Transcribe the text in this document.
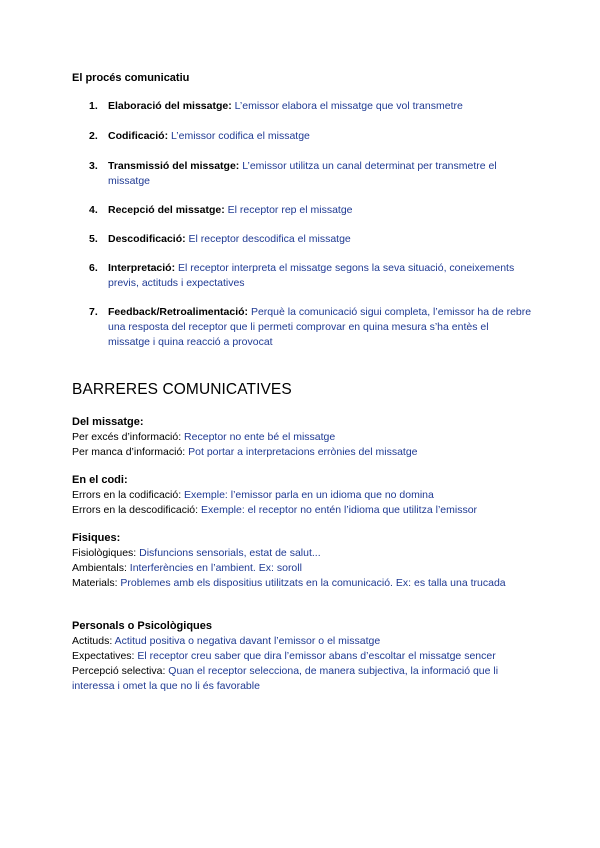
El procés comunicatiu
1. Elaboració del missatge: L’emissor elabora el missatge que vol transmetre
2. Codificació: L’emissor codifica el missatge
3. Transmissió del missatge: L’emissor utilitza un canal determinat per transmetre el missatge
4. Recepció del missatge: El receptor rep el missatge
5. Descodificació: El receptor descodifica el missatge
6. Interpretació: El receptor interpreta el missatge segons la seva situació, coneixements previs, actituds i expectatives
7. Feedback/Retroalimentació: Perquè la comunicació sigui completa, l’emissor ha de rebre una resposta del receptor que li permeti comprovar en quina mesura s’ha entès el missatge i quina reacció a provocat
BARRERES COMUNICATIVES
Del missatge:
Per excés d’informació: Receptor no ente bé el missatge
Per manca d’informació: Pot portar a interpretacions errònies del missatge
En el codi:
Errors en la codificació: Exemple: l’emissor parla en un idioma que no domina
Errors en la descodificació: Exemple: el receptor no entén l’idioma que utilitza l’emissor
Fisiques:
Fisiològiques: Disfuncions sensorials, estat de salut...
Ambientals: Interferències en l’ambient. Ex: soroll
Materials: Problemes amb els dispositius utilitzats en la comunicació. Ex: es talla una trucada
Personals o Psicològiques
Actituds: Actitud positiva o negativa davant l’emissor o el missatge
Expectatives: El receptor creu saber que dira l’emissor abans d’escoltar el missatge sencer
Percepció selectiva: Quan el receptor selecciona, de manera subjectiva, la informació que li interessa i omet la que no li és favorable
